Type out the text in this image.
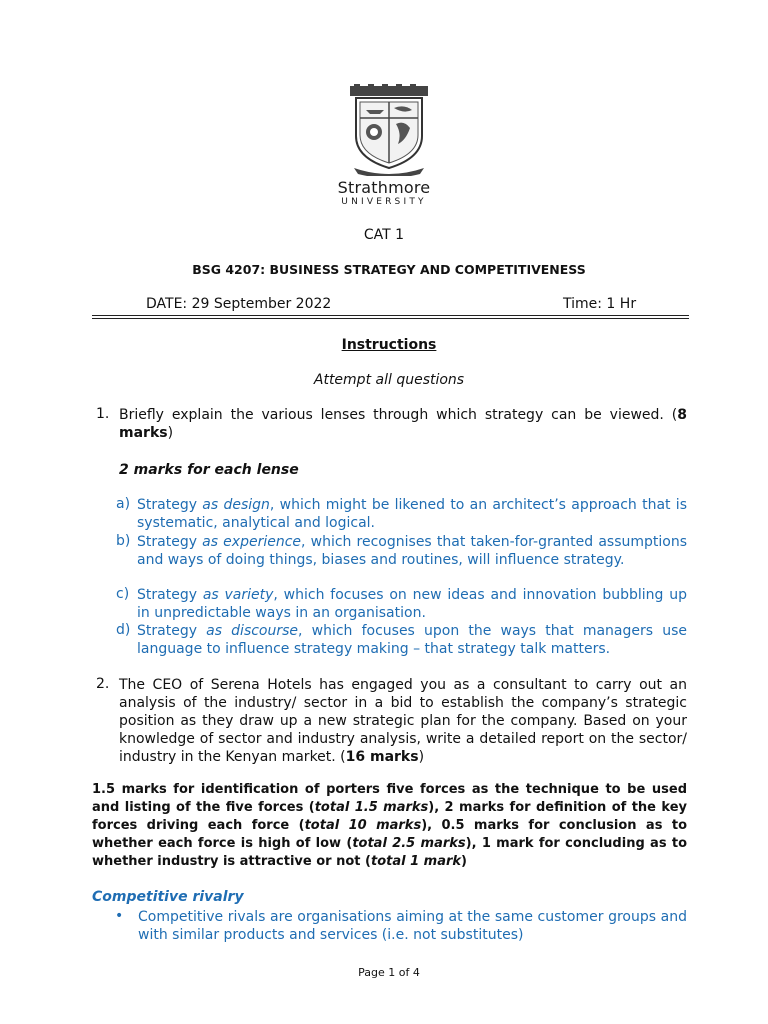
Strathmore
UNIVERSITY
CAT 1
BSG 4207: BUSINESS STRATEGY AND COMPETITIVENESS
DATE: 29 September 2022	Time: 1 Hr
Instructions
Attempt all questions
1. Briefly explain the various lenses through which strategy can be viewed. (8 marks)
2 marks for each lense
a) Strategy as design, which might be likened to an architect’s approach that is systematic, analytical and logical.
b) Strategy as experience, which recognises that taken-for-granted assumptions and ways of doing things, biases and routines, will influence strategy.
c) Strategy as variety, which focuses on new ideas and innovation bubbling up in unpredictable ways in an organisation.
d) Strategy as discourse, which focuses upon the ways that managers use language to influence strategy making – that strategy talk matters.
2. The CEO of Serena Hotels has engaged you as a consultant to carry out an analysis of the industry/ sector in a bid to establish the company’s strategic position as they draw up a new strategic plan for the company. Based on your knowledge of sector and industry analysis, write a detailed report on the sector/ industry in the Kenyan market. (16 marks)
1.5 marks for identification of porters five forces as the technique to be used and listing of the five forces (total 1.5 marks), 2 marks for definition of the key forces driving each force (total 10 marks), 0.5 marks for conclusion as to whether each force is high of low (total 2.5 marks), 1 mark for concluding as to whether industry is attractive or not (total 1 mark)
Competitive rivalry
• Competitive rivals are organisations aiming at the same customer groups and with similar products and services (i.e. not substitutes)
Page 1 of 4
